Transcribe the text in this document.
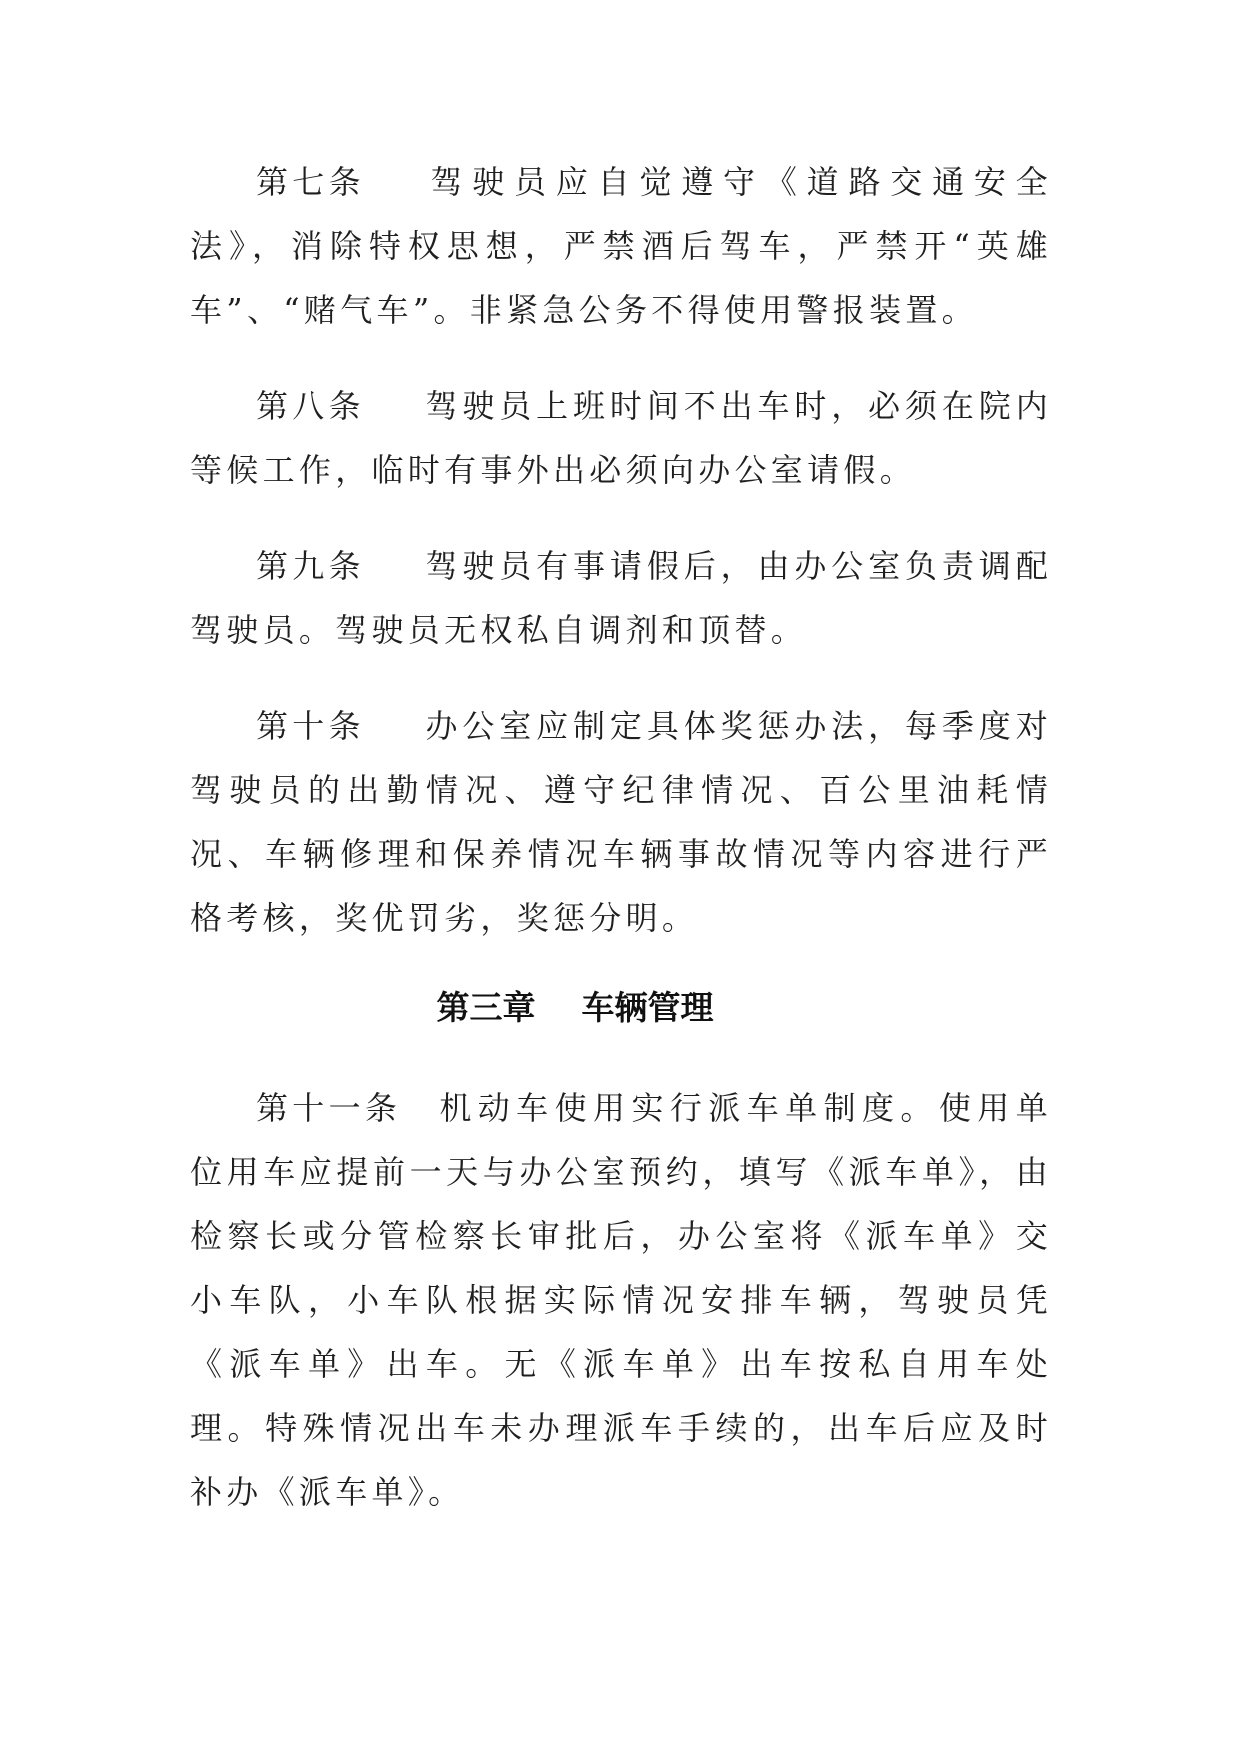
第七条 驾驶员应自觉遵守《道路交通安全法》，消除特权思想，严禁酒后驾车，严禁开“英雄车”、“赌气车”。非紧急公务不得使用警报装置。

第八条 驾驶员上班时间不出车时，必须在院内等候工作，临时有事外出必须向办公室请假。

第九条 驾驶员有事请假后，由办公室负责调配驾驶员。驾驶员无权私自调剂和顶替。

第十条 办公室应制定具体奖惩办法，每季度对驾驶员的出勤情况、遵守纪律情况、百公里油耗情况、车辆修理和保养情况车辆事故情况等内容进行严格考核，奖优罚劣，奖惩分明。

第三章 车辆管理

第十一条 机动车使用实行派车单制度。使用单位用车应提前一天与办公室预约，填写《派车单》，由检察长或分管检察长审批后，办公室将《派车单》交小车队，小车队根据实际情况安排车辆，驾驶员凭《派车单》出车。无《派车单》出车按私自用车处理。特殊情况出车未办理派车手续的，出车后应及时补办《派车单》。
